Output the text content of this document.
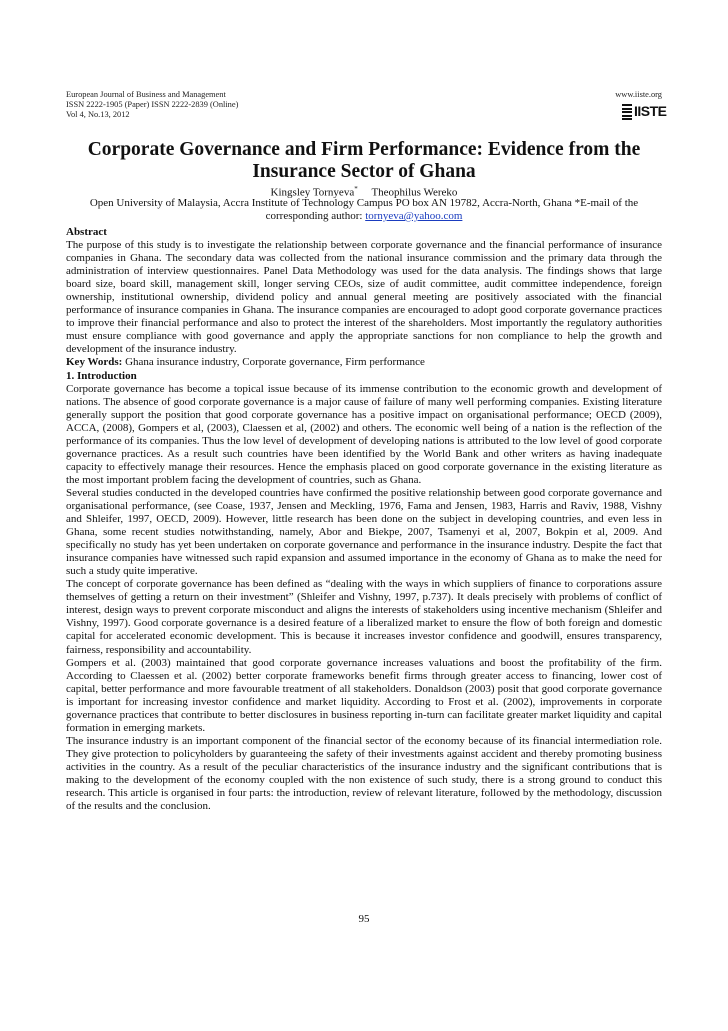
European Journal of Business and Management
ISSN 2222-1905 (Paper) ISSN 2222-2839 (Online)
Vol 4, No.13, 2012
www.iiste.org
IISTE
Corporate Governance and Firm Performance: Evidence from the Insurance Sector of Ghana
Kingsley Tornyeva* Theophilus Wereko
Open University of Malaysia, Accra Institute of Technology Campus PO box AN 19782, Accra-North, Ghana *E-mail of the corresponding author: tornyeva@yahoo.com

Abstract

The purpose of this study is to investigate the relationship between corporate governance and the financial performance of insurance companies in Ghana. The secondary data was collected from the national insurance commission and the primary data through the administration of interview questionnaires. Panel Data Methodology was used for the data analysis. The findings shows that large board size, board skill, management skill, longer serving CEOs, size of audit committee, audit committee independence, foreign ownership, institutional ownership, dividend policy and annual general meeting are positively associated with the financial performance of insurance companies in Ghana. The insurance companies are encouraged to adopt good corporate governance practices to improve their financial performance and also to protect the interest of the shareholders. Most importantly the regulatory authorities must ensure compliance with good governance and apply the appropriate sanctions for non compliance to help the growth and development of the insurance industry.

Key Words: Ghana insurance industry, Corporate governance, Firm performance

1. Introduction

Corporate governance has become a topical issue because of its immense contribution to the economic growth and development of nations. The absence of good corporate governance is a major cause of failure of many well performing companies. Existing literature generally support the position that good corporate governance has a positive impact on organisational performance; OECD (2009), ACCA, (2008), Gompers et al, (2003), Claessen et al, (2002) and others. The economic well being of a nation is the reflection of the performance of its companies. Thus the low level of development of developing nations is attributed to the low level of good corporate governance practices. As a result such countries have been identified by the World Bank and other writers as having inadequate capacity to effectively manage their resources. Hence the emphasis placed on good corporate governance in the existing literature as the most important problem facing the development of countries, such as Ghana.

Several studies conducted in the developed countries have confirmed the positive relationship between good corporate governance and organisational performance, (see Coase, 1937, Jensen and Meckling, 1976, Fama and Jensen, 1983, Harris and Raviv, 1988, Vishny and Shleifer, 1997, OECD, 2009). However, little research has been done on the subject in developing countries, and even less in Ghana, some recent studies notwithstanding, namely, Abor and Biekpe, 2007, Tsamenyi et al, 2007, Bokpin et al, 2009. And specifically no study has yet been undertaken on corporate governance and performance in the insurance industry. Despite the fact that insurance companies have witnessed such rapid expansion and assumed importance in the economy of Ghana as to make the need for such a study quite imperative.

The concept of corporate governance has been defined as “dealing with the ways in which suppliers of finance to corporations assure themselves of getting a return on their investment” (Shleifer and Vishny, 1997, p.737). It deals precisely with problems of conflict of interest, design ways to prevent corporate misconduct and aligns the interests of stakeholders using incentive mechanism (Shleifer and Vishny, 1997). Good corporate governance is a desired feature of a liberalized market to ensure the flow of both foreign and domestic capital for accelerated economic development. This is because it increases investor confidence and goodwill, ensures transparency, fairness, responsibility and accountability.

Gompers et al. (2003) maintained that good corporate governance increases valuations and boost the profitability of the firm. According to Claessen et al. (2002) better corporate frameworks benefit firms through greater access to financing, lower cost of capital, better performance and more favourable treatment of all stakeholders. Donaldson (2003) posit that good corporate governance is important for increasing investor confidence and market liquidity. According to Frost et al. (2002), improvements in corporate governance practices that contribute to better disclosures in business reporting in-turn can facilitate greater market liquidity and capital formation in emerging markets.

The insurance industry is an important component of the financial sector of the economy because of its financial intermediation role. They give protection to policyholders by guaranteeing the safety of their investments against accident and thereby promoting business activities in the country. As a result of the peculiar characteristics of the insurance industry and the significant contributions that is making to the development of the economy coupled with the non existence of such study, there is a strong ground to conduct this research. This article is organised in four parts: the introduction, review of relevant literature, followed by the methodology, discussion of the results and the conclusion.

95
